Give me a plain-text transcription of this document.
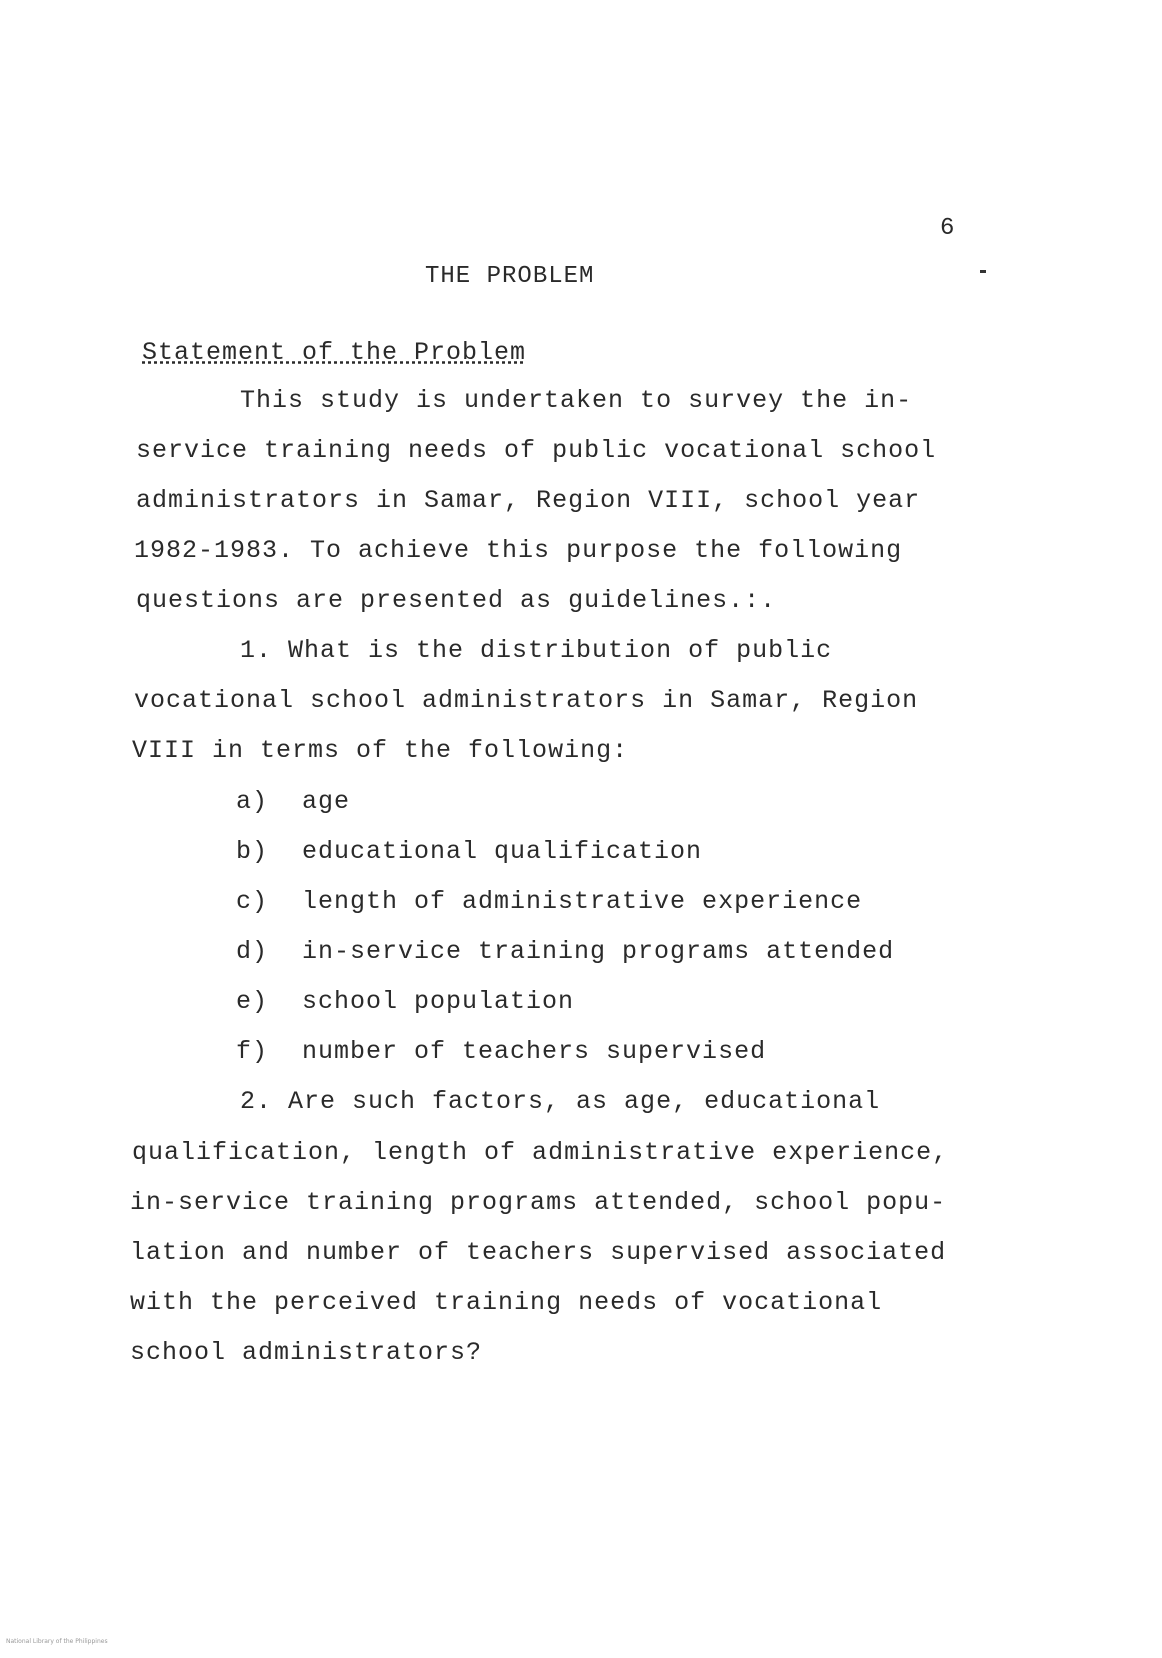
6
THE PROBLEM
Statement of the Problem
This study is undertaken to survey the in-
service training needs of public vocational school
administrators in Samar, Region VIII, school year
1982-1983. To achieve this purpose the following
questions are presented as guidelines.:.
1. What is the distribution of public
vocational school administrators in Samar, Region
VIII in terms of the following:
a) age
b) educational qualification
c) length of administrative experience
d) in-service training programs attended
e) school population
f) number of teachers supervised
2. Are such factors, as age, educational
qualification, length of administrative experience,
in-service training programs attended, school popu-
lation and number of teachers supervised associated
with the perceived training needs of vocational
school administrators?
National Library of the Philippines
